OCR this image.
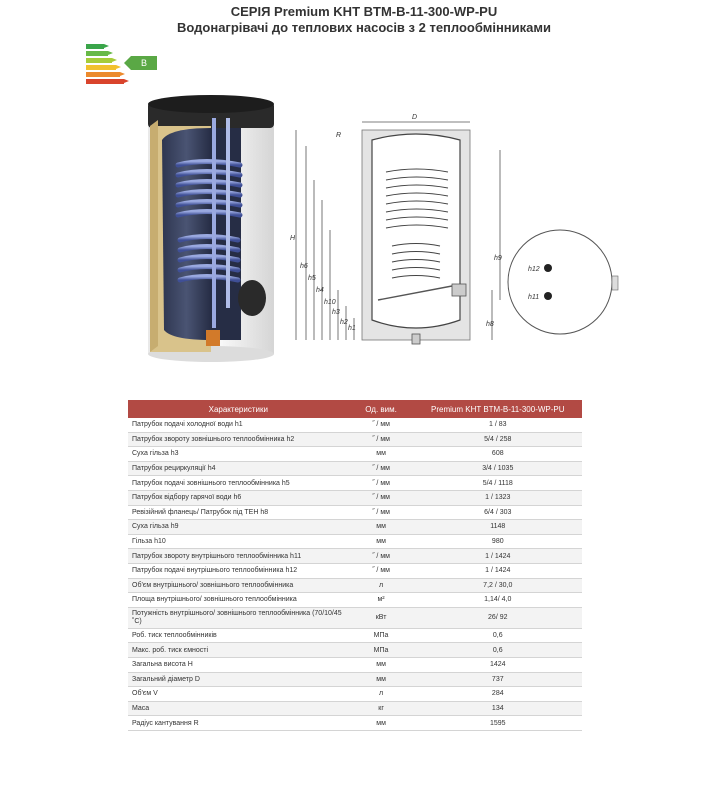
СЕРІЯ Premium KHT BTM-B-11-300-WP-PU
Водонагрівачі до теплових насосів з 2 теплообмінниками
B
D
R
H
h6
h5
h4
h10
h3
h2
h1
h9
h8
h12
h11
Характеристики	Од. вим.	Premium KHT BTM-B-11-300-WP-PU
Патрубок подачі холодної води h1	˝ / мм	1 / 83
Патрубок звороту зовнішнього теплообмінника h2	˝ / мм	5/4 / 258
Суха гільза h3	мм	608
Патрубок рециркуляції h4	˝ / мм	3/4 / 1035
Патрубок подачі зовнішнього теплообмінника h5	˝ / мм	5/4 / 1118
Патрубок відбору гарячої води h6	˝ / мм	1 / 1323
Ревізійний фланець/ Патрубок під ТЕН h8	˝ / мм	6/4 / 303
Суха гільза h9	мм	1148
Гільза h10	мм	980
Патрубок звороту внутрішнього теплообмінника h11	˝ / мм	1 / 1424
Патрубок подачі внутрішнього теплообмінника h12	˝ / мм	1 / 1424
Об'єм внутрішнього/ зовнішнього теплообмінника	л	7,2 / 30,0
Площа внутрішнього/ зовнішнього теплообмінника	м²	1,14/ 4,0
Потужність внутрішнього/ зовнішнього теплообмінника (70/10/45 ˚C)	кВт	26/ 92
Роб. тиск теплообмінників	МПа	0,6
Макс. роб. тиск ємності	МПа	0,6
Загальна висота H	мм	1424
Загальний діаметр D	мм	737
Об'єм V	л	284
Маса	кг	134
Радіус кантування R	мм	1595
